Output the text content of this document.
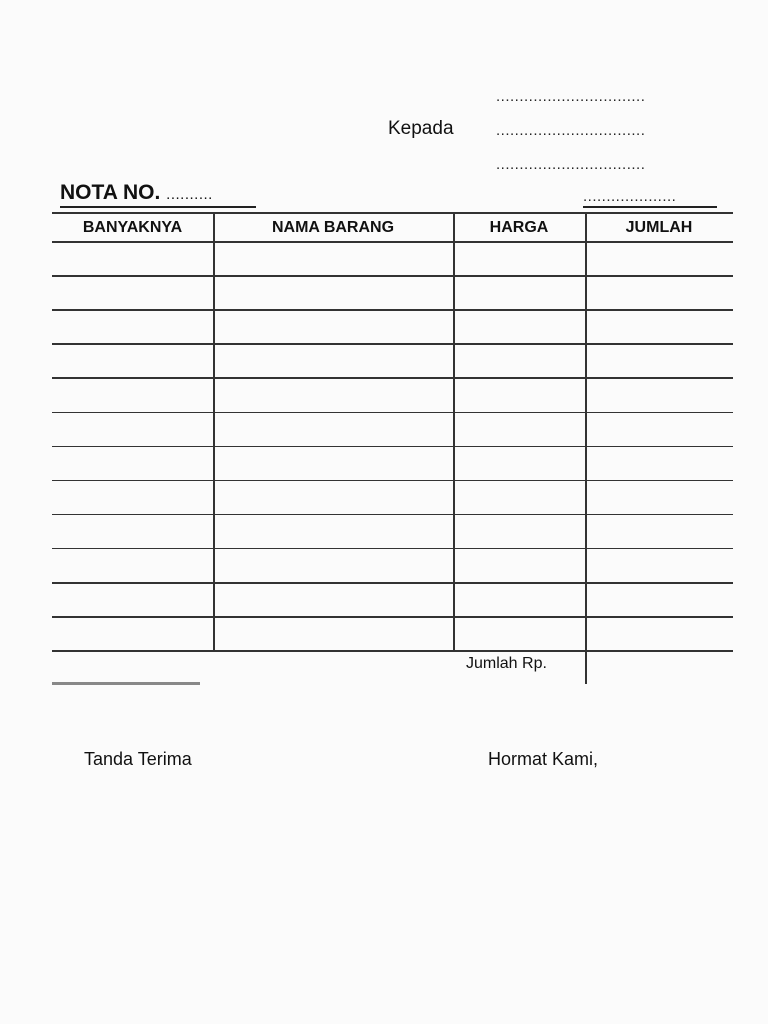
................................
Kepada	................................
................................
NOTA NO. ..........	....................
BANYAKNYA	NAMA BARANG	HARGA	JUMLAH
Jumlah Rp.
Tanda Terima	Hormat Kami,
